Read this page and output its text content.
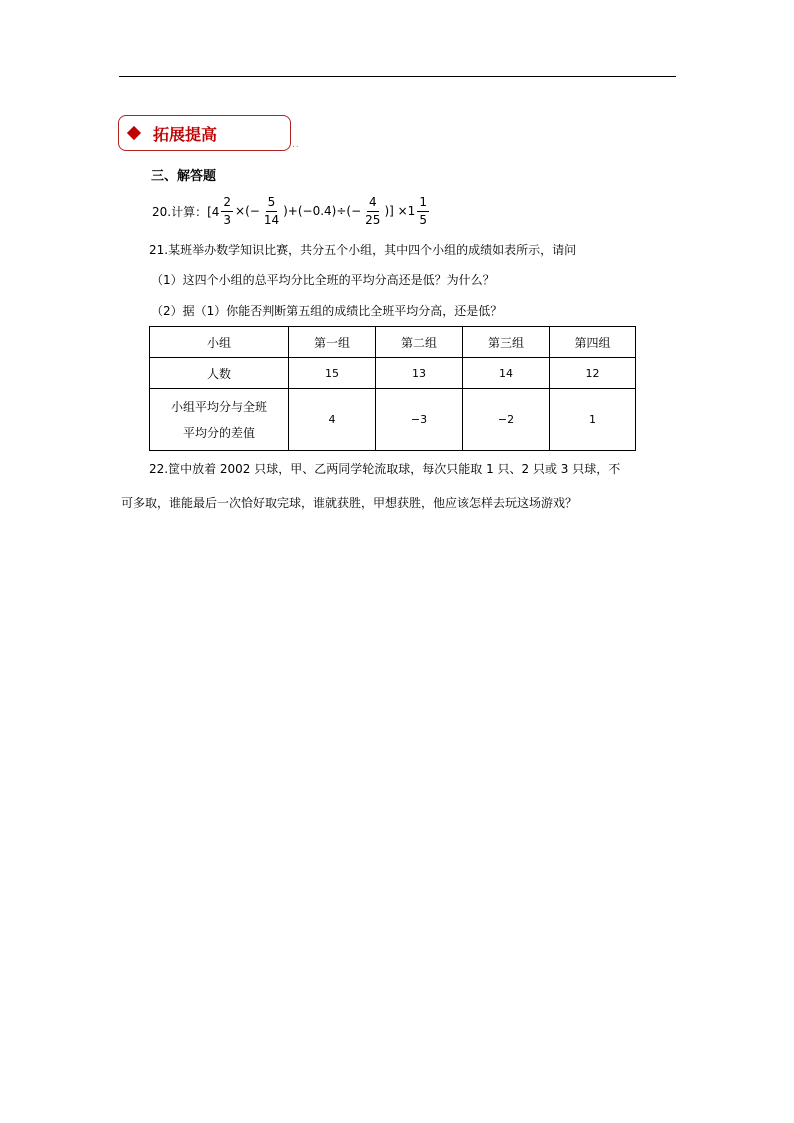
拓展提高
..
三、解答题
20.计算：[$4 \frac{2}{3}$ ×(− $\frac{5}{14} )+(-0.4)\div(- \frac{4}{25}$ )] $\times 1 \frac{1}{5}$
21.某班举办数学知识比赛，共分五个小组，其中四个小组的成绩如表所示，请问
（1）这四个小组的总平均分比全班的平均分高还是低？为什么？
（2）据（1）你能否判断第五组的成绩比全班平均分高，还是低？
小组	第一组	第二组	第三组	第四组
人数	15	13	14	12

小组平均分与全班
平均分的差值	4	−3	−2	1
22.筐中放着 2002 只球，甲、乙两同学轮流取球，每次只能取 1 只、2 只或 3 只球，不
可多取，谁能最后一次恰好取完球，谁就获胜，甲想获胜，他应该怎样去玩这场游戏？
